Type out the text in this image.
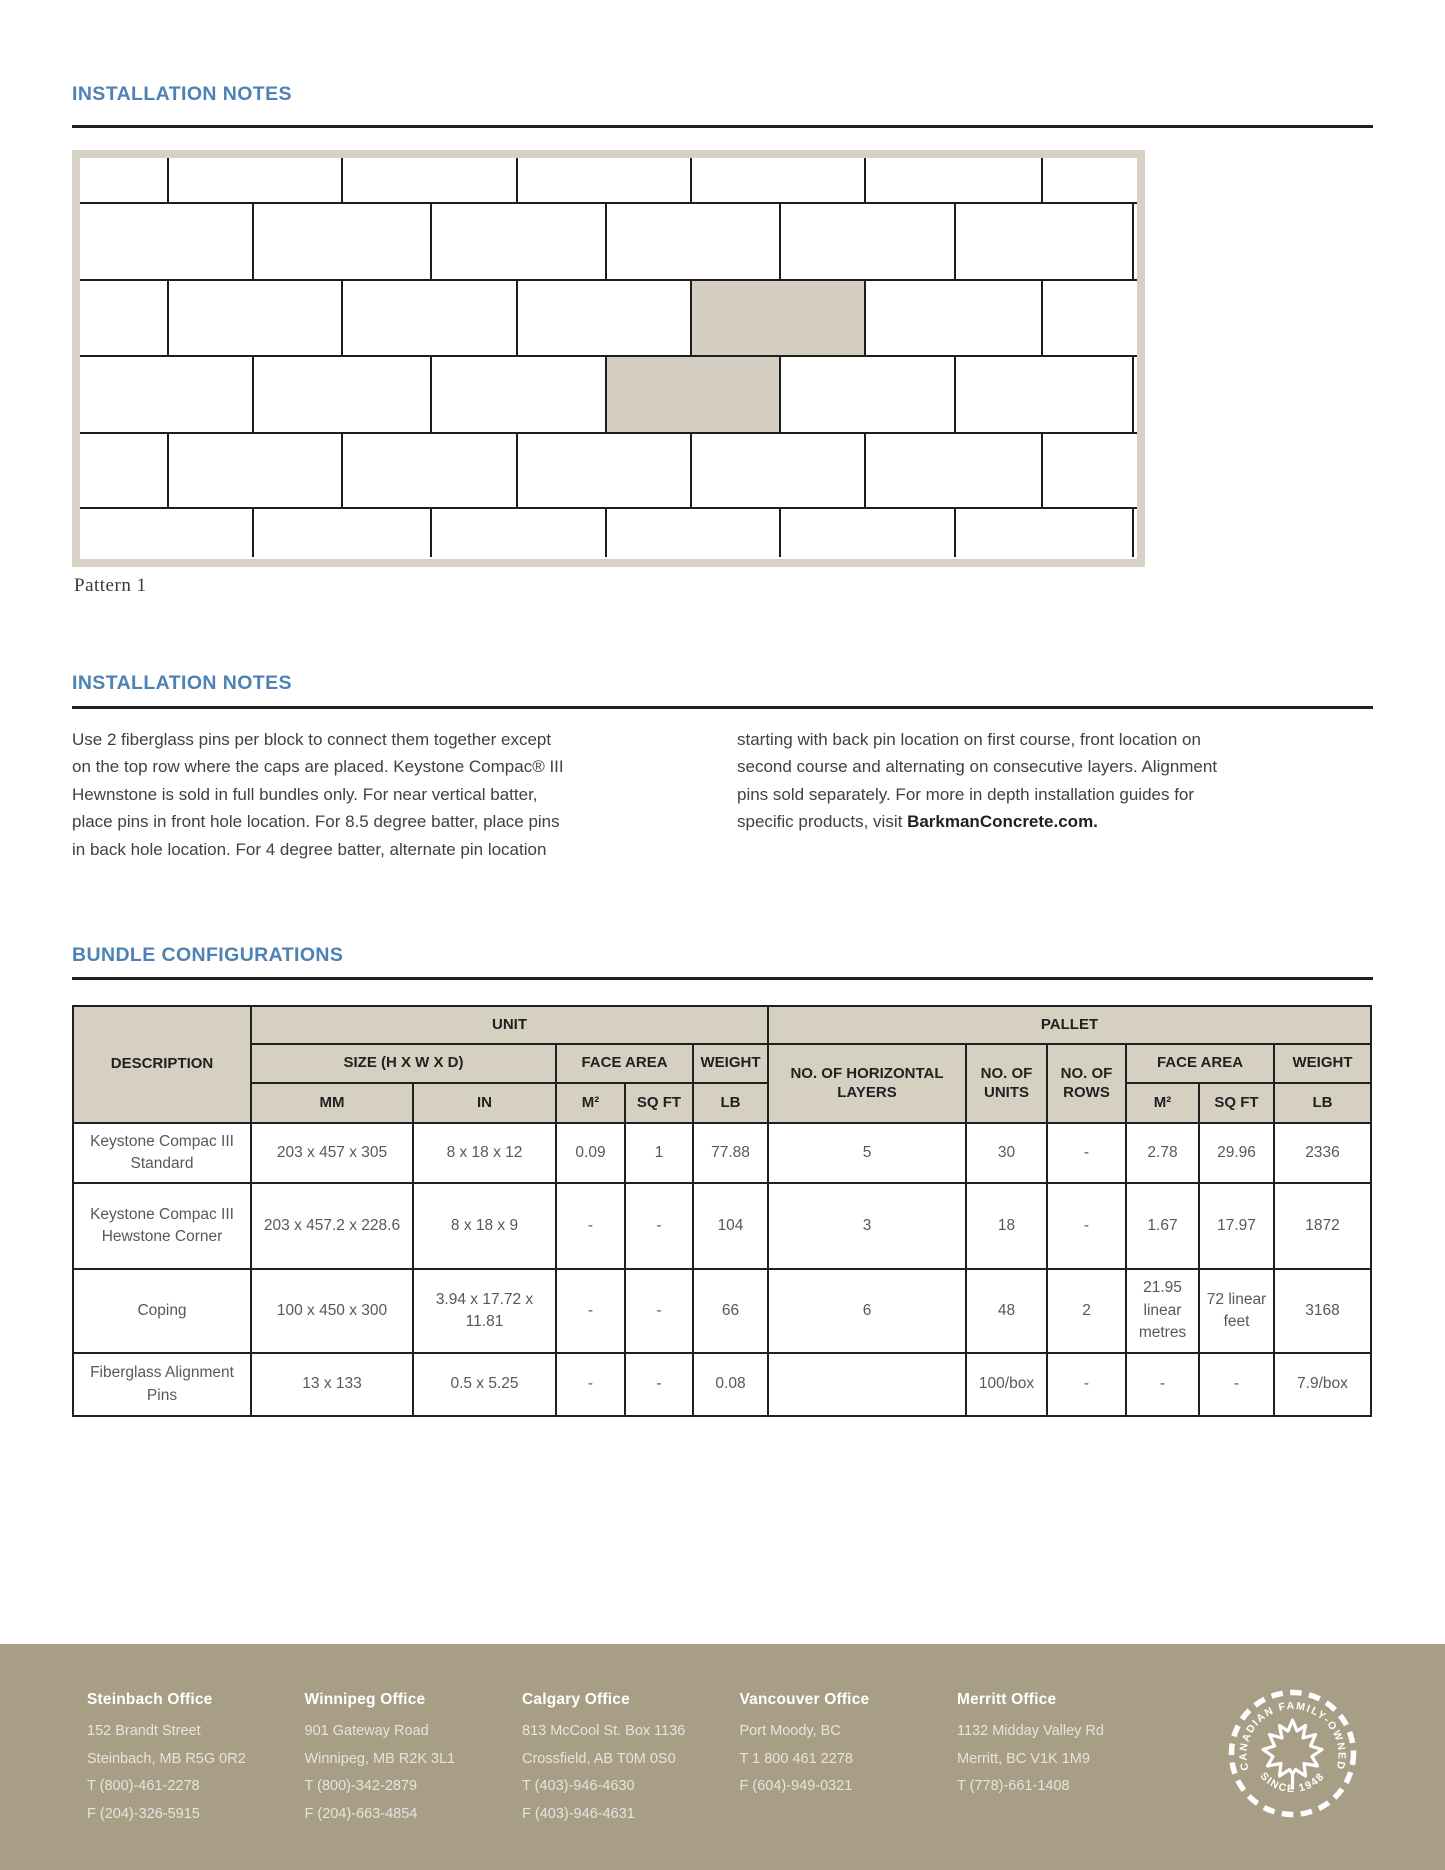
INSTALLATION NOTES
Pattern 1
INSTALLATION NOTES
Use 2 fiberglass pins per block to connect them together except
on the top row where the caps are placed. Keystone Compac® III
Hewnstone is sold in full bundles only. For near vertical batter,
place pins in front hole location. For 8.5 degree batter, place pins
in back hole location. For 4 degree batter, alternate pin location
starting with back pin location on first course, front location on
second course and alternating on consecutive layers. Alignment
pins sold separately. For more in depth installation guides for
specific products, visit BarkmanConcrete.com.
BUNDLE CONFIGURATIONS
DESCRIPTION	UNIT					PALLET					
	SIZE (H X W X D)		FACE AREA		WEIGHT	NO. OF HORIZONTAL LAYERS	NO. OF UNITS	NO. OF ROWS	FACE AREA		WEIGHT
	MM	IN	M²	SQ FT	LB				M²	SQ FT	LB
Keystone Compac III Standard	203 x 457 x 305	8 x 18 x 12	0.09	1	77.88	5	30	-	2.78	29.96	2336
Keystone Compac III Hewstone Corner	203 x 457.2 x 228.6	8 x 18 x 9	-	-	104	3	18	-	1.67	17.97	1872
Coping	100 x 450 x 300	3.94 x 17.72 x 11.81	-	-	66	6	48	2	21.95 linear metres	72 linear feet	3168
Fiberglass Alignment Pins	13 x 133	0.5 x 5.25	-	-	0.08		100/box	-	-	-	7.9/box
Steinbach Office
152 Brandt Street
Steinbach, MB R5G 0R2
T (800)-461-2278
F (204)-326-5915
Winnipeg Office
901 Gateway Road
Winnipeg, MB R2K 3L1
T (800)-342-2879
F (204)-663-4854
Calgary Office
813 McCool St. Box 1136
Crossfield, AB T0M 0S0
T (403)-946-4630
F (403)-946-4631
Vancouver Office
Port Moody, BC
T 1 800 461 2278
F (604)-949-0321
Merritt Office
1132 Midday Valley Rd
Merritt, BC V1K 1M9
T (778)-661-1408
CANADIAN FAMILY-OWNED
SINCE 1948
